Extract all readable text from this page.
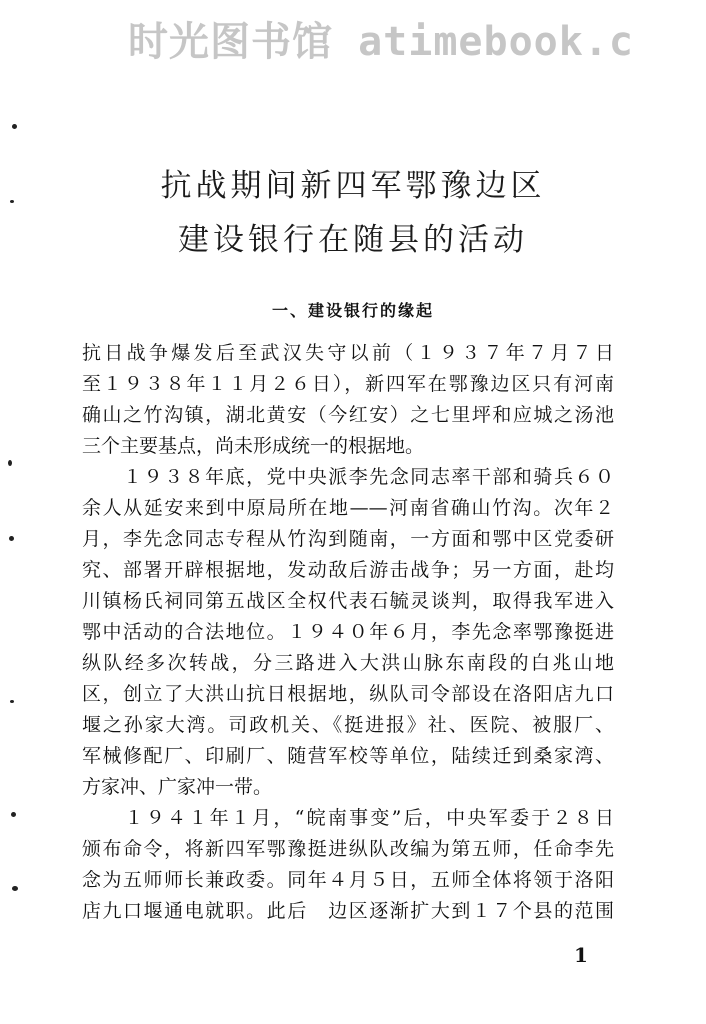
时光图书馆 atimebook.c
抗战期间新四军鄂豫边区
建设银行在随县的活动
一、建设银行的缘起
抗日战争爆发后至武汉失守以前（１９３７年７月７日
至１９３８年１１月２６日），新四军在鄂豫边区只有河南
确山之竹沟镇，湖北黄安（今红安）之七里坪和应城之汤池
三个主要基点，尚未形成统一的根据地。
　　１９３８年底，党中央派李先念同志率干部和骑兵６０
余人从延安来到中原局所在地——河南省确山竹沟。次年２
月，李先念同志专程从竹沟到随南，一方面和鄂中区党委研
究、部署开辟根据地，发动敌后游击战争；另一方面，赴均
川镇杨氏祠同第五战区全权代表石毓灵谈判，取得我军进入
鄂中活动的合法地位。１９４０年６月，李先念率鄂豫挺进
纵队经多次转战，分三路进入大洪山脉东南段的白兆山地
区，创立了大洪山抗日根据地，纵队司令部设在洛阳店九口
堰之孙家大湾。司政机关、《挺进报》社、医院、被服厂、
军械修配厂、印刷厂、随营军校等单位，陆续迁到桑家湾、
方家冲、广家冲一带。
　　１９４１年１月，“皖南事变”后，中央军委于２８日
颁布命令，将新四军鄂豫挺进纵队改编为第五师，任命李先
念为五师师长兼政委。同年４月５日，五师全体将领于洛阳
店九口堰通电就职。此后　边区逐渐扩大到１７个县的范围
1
